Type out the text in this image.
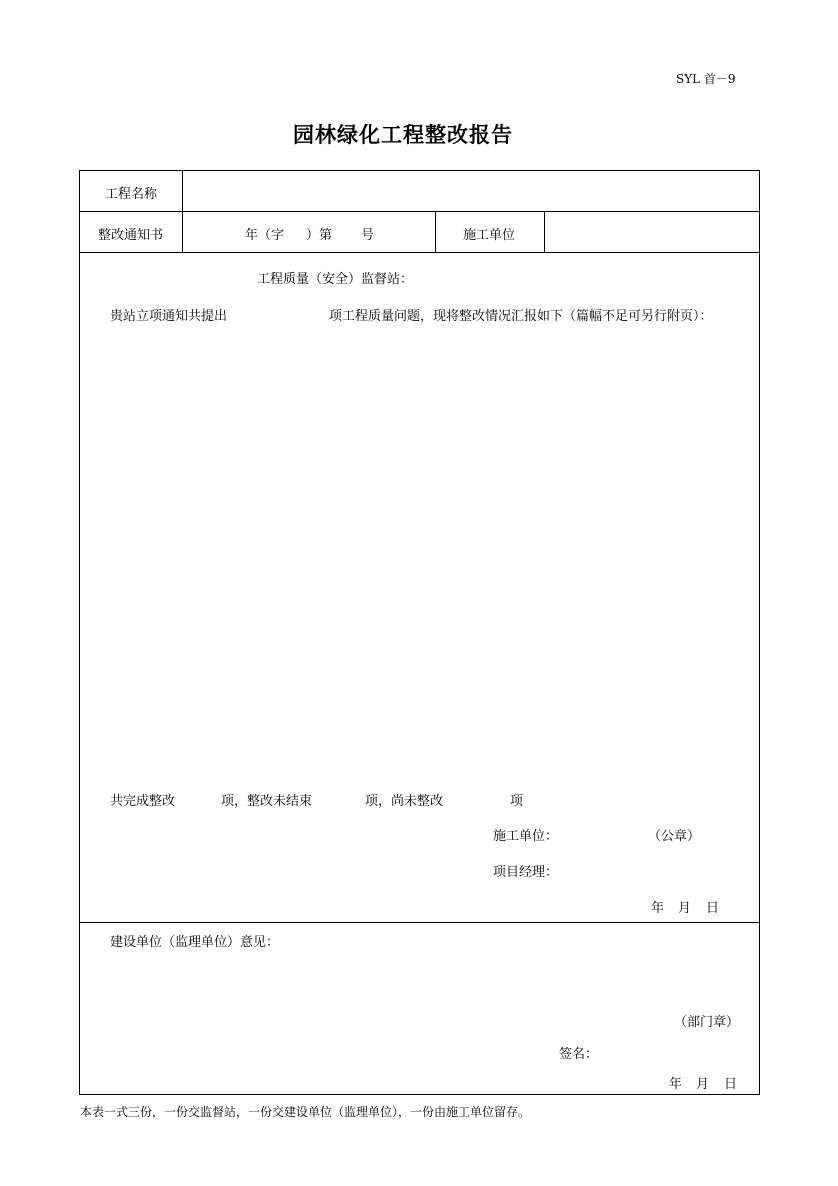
SYL 首－9
园林绿化工程整改报告
工程名称
整改通知书	年（字 ）第 号	施工单位
工程质量（安全）监督站：
贵站立项通知共提出	项工程质量问题，现将整改情况汇报如下（篇幅不足可另行附页）：
共完成整改	项，整改未结束	项，尚未整改	项
施工单位：	（公章）
项目经理：
年 月 日
建设单位（监理单位）意见：
（部门章）
签名：
年 月 日
本表一式三份，一份交监督站，一份交建设单位（监理单位），一份由施工单位留存。
